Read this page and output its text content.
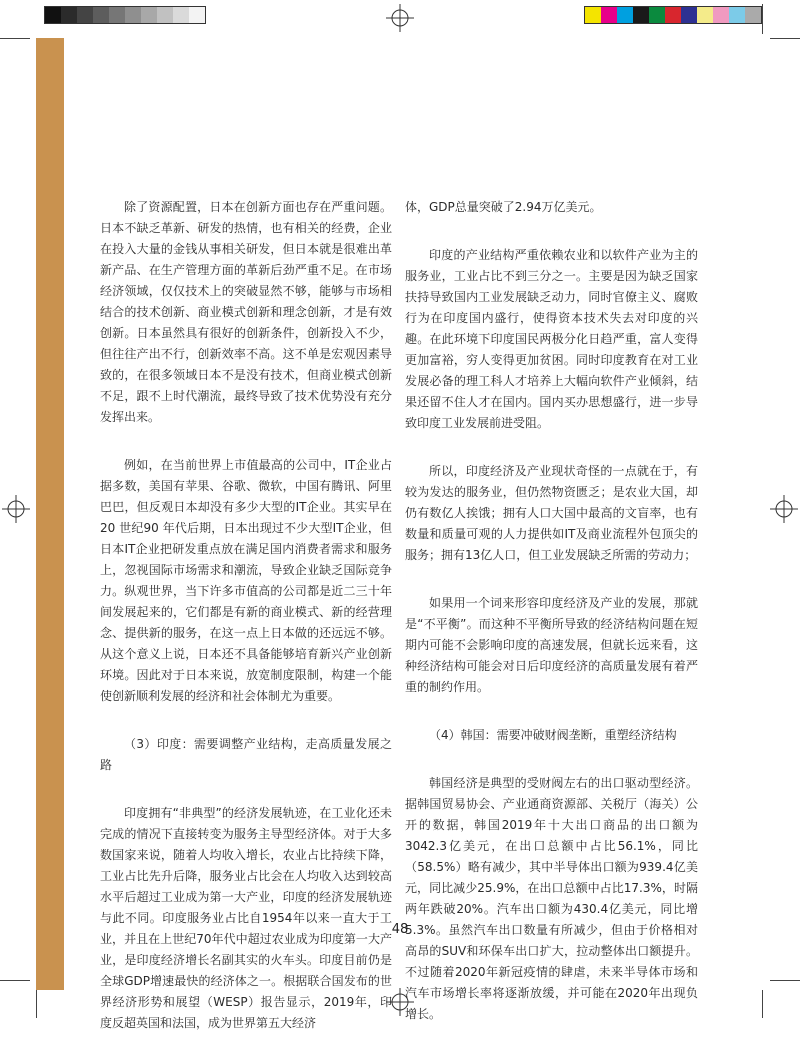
除了资源配置，日本在创新方面也存在严重问题。日本不缺乏革新、研发的热情，也有相关的经费，企业在投入大量的金钱从事相关研发，但日本就是很难出革新产品、在生产管理方面的革新后劲严重不足。在市场经济领域，仅仅技术上的突破显然不够，能够与市场相结合的技术创新、商业模式创新和理念创新，才是有效创新。日本虽然具有很好的创新条件，创新投入不少，但往往产出不行，创新效率不高。这不单是宏观因素导致的，在很多领域日本不是没有技术，但商业模式创新不足，跟不上时代潮流，最终导致了技术优势没有充分发挥出来。

例如，在当前世界上市值最高的公司中，IT企业占据多数，美国有苹果、谷歌、微软，中国有腾讯、阿里巴巴，但反观日本却没有多少大型的IT企业。其实早在20 世纪90 年代后期，日本出现过不少大型IT企业，但日本IT企业把研发重点放在满足国内消费者需求和服务上，忽视国际市场需求和潮流，导致企业缺乏国际竞争力。纵观世界，当下许多市值高的公司都是近二三十年间发展起来的，它们都是有新的商业模式、新的经营理念、提供新的服务，在这一点上日本做的还远远不够。从这个意义上说，日本还不具备能够培育新兴产业创新环境。因此对于日本来说，放宽制度限制，构建一个能使创新顺利发展的经济和社会体制尤为重要。

（3）印度：需要调整产业结构，走高质量发展之路

印度拥有“非典型”的经济发展轨迹，在工业化还未完成的情况下直接转变为服务主导型经济体。对于大多数国家来说，随着人均收入增长，农业占比持续下降，工业占比先升后降，服务业占比会在人均收入达到较高水平后超过工业成为第一大产业，印度的经济发展轨迹与此不同。印度服务业占比自1954年以来一直大于工业，并且在上世纪70年代中超过农业成为印度第一大产业，是印度经济增长名副其实的火车头。印度目前仍是全球GDP增速最快的经济体之一。根据联合国发布的世界经济形势和展望（WESP）报告显示，2019年，印度反超英国和法国，成为世界第五大经济

体，GDP总量突破了2.94万亿美元。

印度的产业结构严重依赖农业和以软件产业为主的服务业，工业占比不到三分之一。主要是因为缺乏国家扶持导致国内工业发展缺乏动力，同时官僚主义、腐败行为在印度国内盛行，使得资本技术失去对印度的兴趣。在此环境下印度国民两极分化日趋严重，富人变得更加富裕，穷人变得更加贫困。同时印度教育在对工业发展必备的理工科人才培养上大幅向软件产业倾斜，结果还留不住人才在国内。国内买办思想盛行，进一步导致印度工业发展前进受阻。

所以，印度经济及产业现状奇怪的一点就在于，有较为发达的服务业，但仍然物资匮乏；是农业大国，却仍有数亿人挨饿；拥有人口大国中最高的文盲率，也有数量和质量可观的人力提供如IT及商业流程外包顶尖的服务；拥有13亿人口，但工业发展缺乏所需的劳动力；

如果用一个词来形容印度经济及产业的发展，那就是“不平衡”。而这种不平衡所导致的经济结构问题在短期内可能不会影响印度的高速发展，但就长远来看，这种经济结构可能会对日后印度经济的高质量发展有着严重的制约作用。

（4）韩国：需要冲破财阀垄断，重塑经济结构

韩国经济是典型的受财阀左右的出口驱动型经济。据韩国贸易协会、产业通商资源部、关税厅（海关）公开的数据，韩国2019年十大出口商品的出口额为3042.3亿美元，在出口总额中占比56.1%，同比（58.5%）略有减少，其中半导体出口额为939.4亿美元，同比减少25.9%，在出口总额中占比17.3%，时隔两年跌破20%。汽车出口额为430.4亿美元，同比增5.3%。虽然汽车出口数量有所减少，但由于价格相对高昂的SUV和环保车出口扩大，拉动整体出口额提升。不过随着2020年新冠疫情的肆虐，未来半导体市场和汽车市场增长率将逐渐放缓，并可能在2020年出现负增长。

48
